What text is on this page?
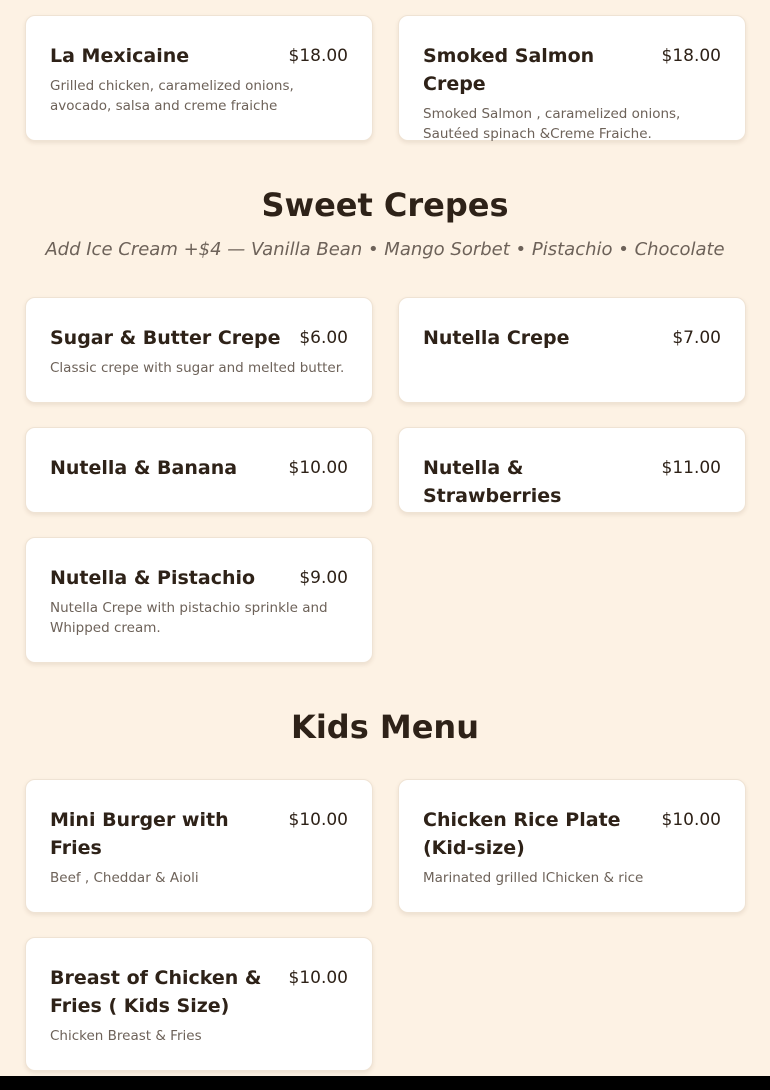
La Mexicaine	$18.00
Grilled chicken, caramelized onions, avocado, salsa and creme fraiche
Smoked Salmon Crepe
$18.00
Smoked Salmon , caramelized onions, Sautéed spinach &Creme Fraiche.
Sweet Crepes
Add Ice Cream +$4 — Vanilla Bean • Mango Sorbet • Pistachio • Chocolate
Sugar & Butter Crepe	$6.00
Classic crepe with sugar and melted butter.
Nutella Crepe	$7.00
Nutella & Banana	$10.00	Nutella & Strawberries
$11.00
Nutella & Pistachio	$9.00
Nutella Crepe with pistachio sprinkle and Whipped cream.
Kids Menu
Mini Burger with Fries
$10.00
Beef , Cheddar & Aioli
Chicken Rice Plate (Kid-size)
$10.00
Marinated grilled lChicken & rice
Breast of Chicken & Fries ( Kids Size)
$10.00
Chicken Breast & Fries
